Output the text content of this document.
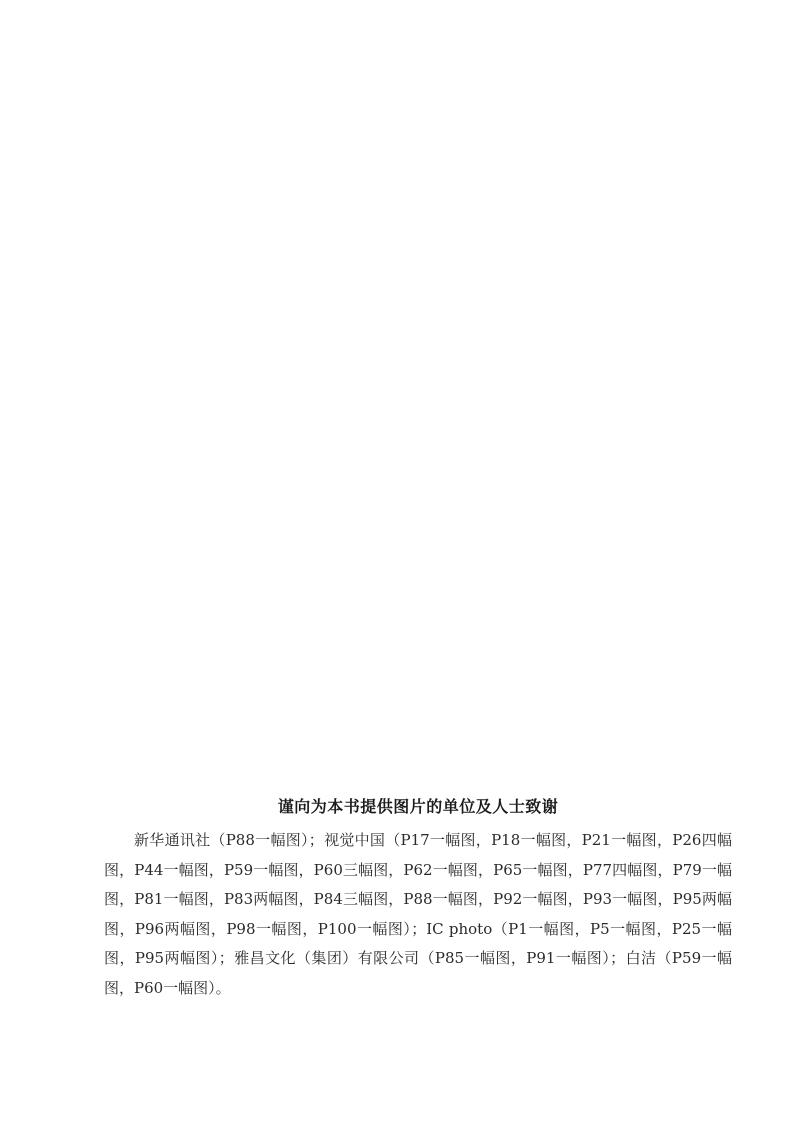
谨向为本书提供图片的单位及人士致谢

新华通讯社（P88一幅图）；视觉中国（P17一幅图，P18一幅图，P21一幅图，P26四幅图，P44一幅图，P59一幅图，P60三幅图，P62一幅图，P65一幅图，P77四幅图，P79一幅图，P81一幅图，P83两幅图，P84三幅图，P88一幅图，P92一幅图，P93一幅图，P95两幅图，P96两幅图，P98一幅图，P100一幅图）；IC photo（P1一幅图，P5一幅图，P25一幅图，P95两幅图）；雅昌文化（集团）有限公司（P85一幅图，P91一幅图）；白洁（P59一幅图，P60一幅图）。
